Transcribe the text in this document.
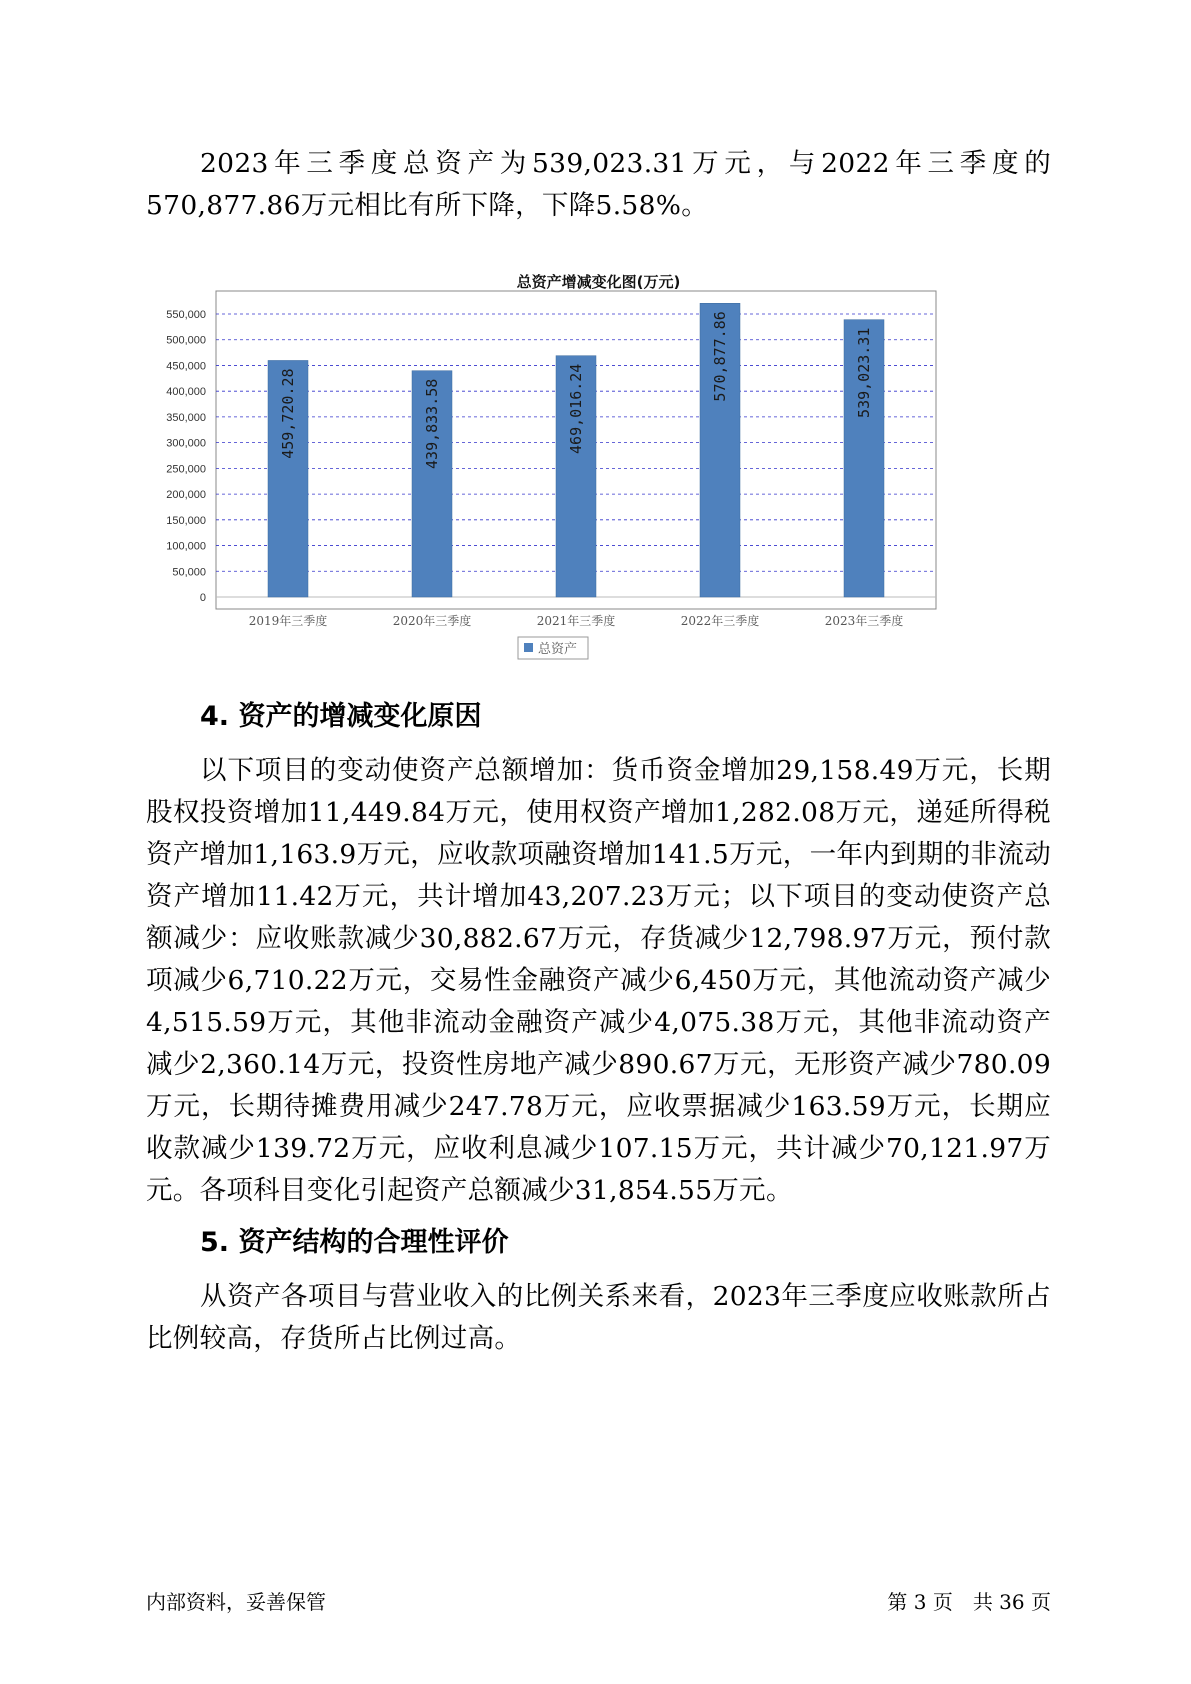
2023年三季度总资产为539,023.31万元，与2022年三季度的570,877.86万元相比有所下降，下降5.58%。

总资产增减变化图(万元)
0
50,000
100,000
150,000
200,000
250,000
300,000
350,000
400,000
450,000
500,000
550,000
459,720.28
2019年三季度
439,833.58
2020年三季度
469,016.24
2021年三季度
570,877.86
2022年三季度
539,023.31
2023年三季度
总资产
4. 资产的增减变化原因

以下项目的变动使资产总额增加：货币资金增加29,158.49万元，长期股权投资增加11,449.84万元，使用权资产增加1,282.08万元，递延所得税资产增加1,163.9万元，应收款项融资增加141.5万元，一年内到期的非流动资产增加11.42万元，共计增加43,207.23万元；以下项目的变动使资产总额减少：应收账款减少30,882.67万元，存货减少12,798.97万元，预付款项减少6,710.22万元，交易性金融资产减少6,450万元，其他流动资产减少4,515.59万元，其他非流动金融资产减少4,075.38万元，其他非流动资产减少2,360.14万元，投资性房地产减少890.67万元，无形资产减少780.09万元，长期待摊费用减少247.78万元，应收票据减少163.59万元，长期应收款减少139.72万元，应收利息减少107.15万元，共计减少70,121.97万元。各项科目变化引起资产总额减少31,854.55万元。

5. 资产结构的合理性评价

从资产各项目与营业收入的比例关系来看，2023年三季度应收账款所占比例较高，存货所占比例过高。

内部资料，妥善保管	第 3 页　共 36 页
